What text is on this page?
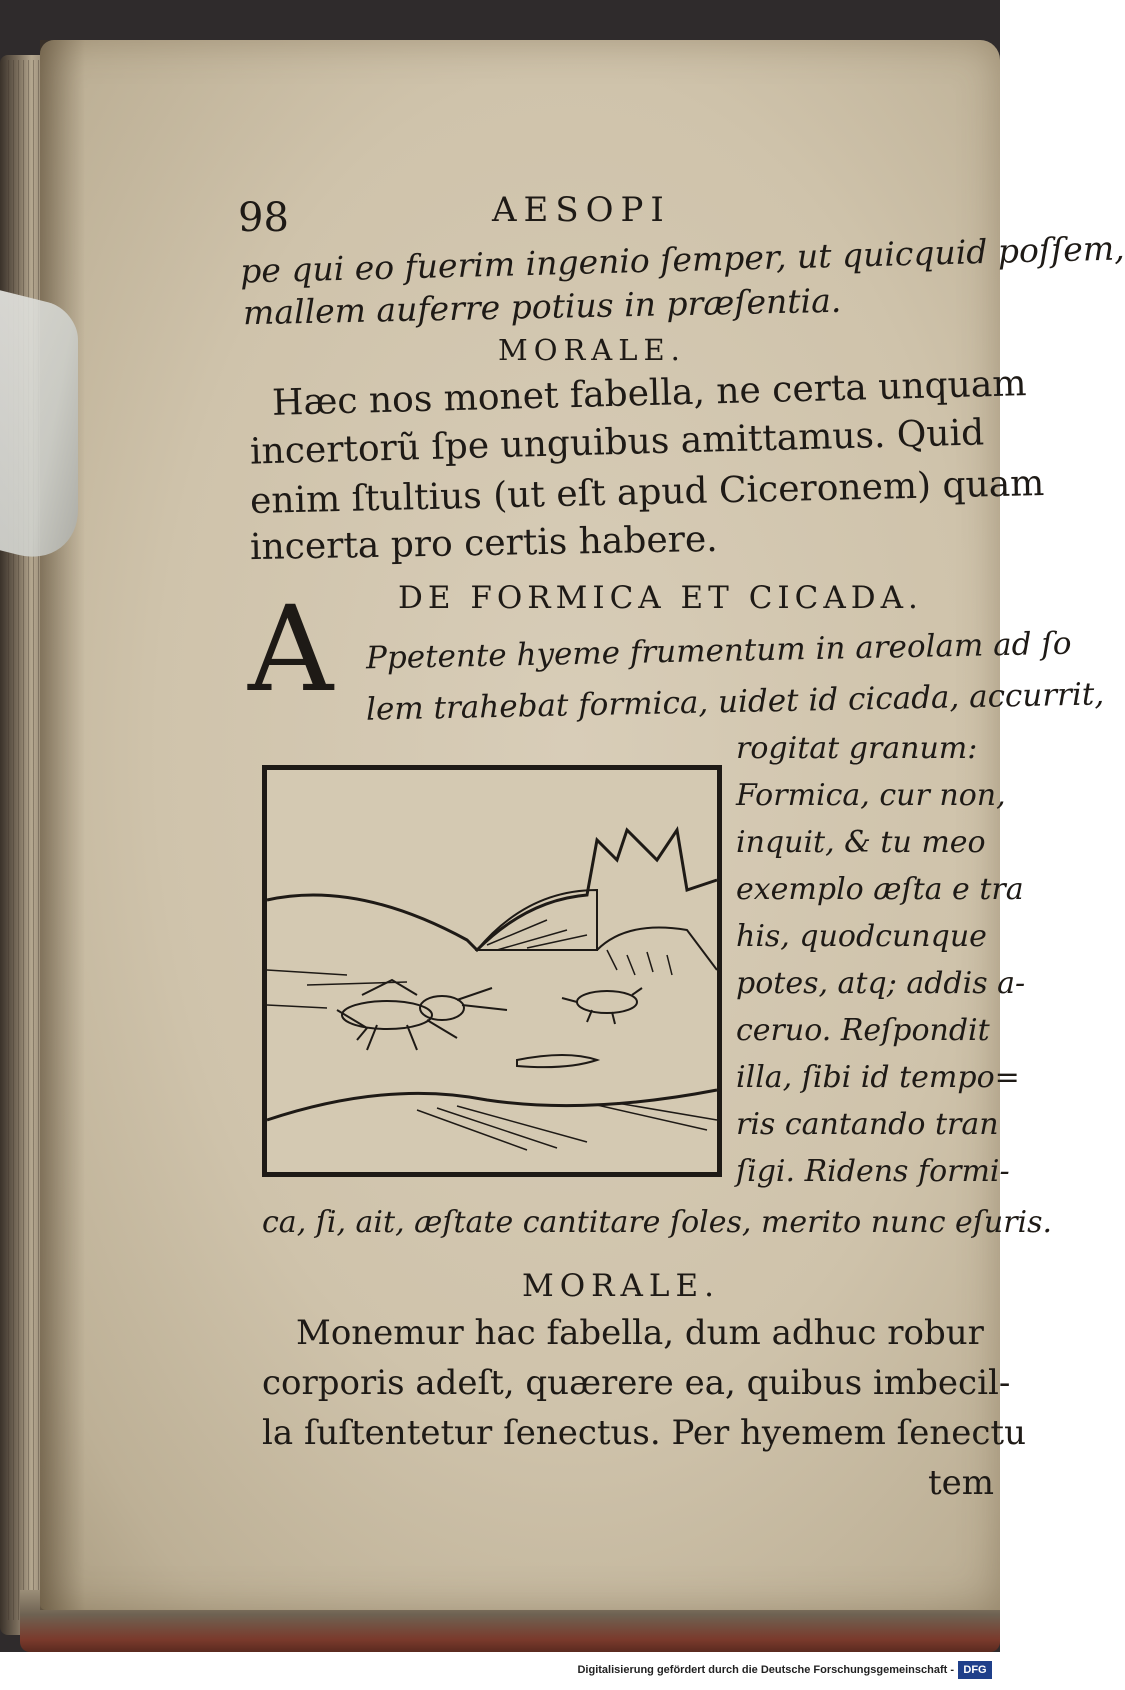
98	AESOPI
pe qui eo fuerim ingenio ſemper, ut quicquid poſſem,
mallem auferre potius in præſentia.
MORALE.
Hæc nos monet fabella, ne certa unquam
incertorũ ſpe unguibus amittamus. Quid
enim ſtultius (ut eſt apud Ciceronem) quam
incerta pro certis habere.
DE FORMICA ET CICADA.
A Ppetente hyeme frumentum in areolam ad ſo
lem trahebat formica, uidet id cicada, accurrit,
rogitat granum:
Formica, cur non,
inquit, & tu meo
exemplo æſta e tra
his, quodcunque
potes, atq; addis a-
ceruo. Reſpondit
illa, ſibi id tempo=
ris cantando tran
ſigi. Ridens formi-
ca, ſi, ait, æſtate cantitare ſoles, merito nunc eſuris.
MORALE.
Monemur hac fabella, dum adhuc robur
corporis adeſt, quærere ea, quibus imbecil-
la ſuſtentetur ſenectus. Per hyemem ſenectu
tem
Digitalisierung gefördert durch die Deutsche Forschungsgemeinschaft - DFG
